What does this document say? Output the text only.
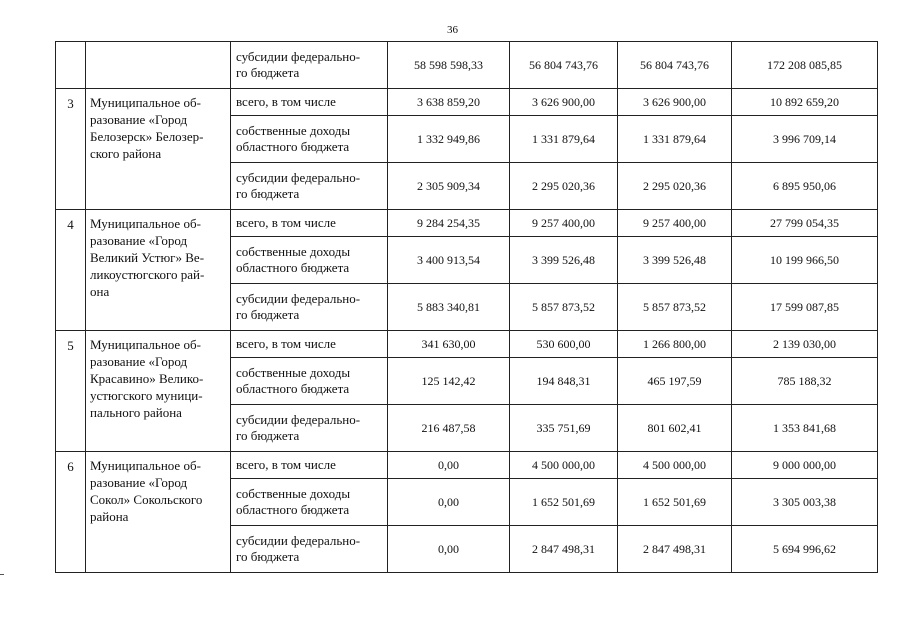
36

		субсидии федерально-
го бюджета	58 598 598,33	56 804 743,76	56 804 743,76	172 208 085,85
3	Муниципальное об-
разование «Город
Белозерск» Белозер-
ского района	всего, в том числе	3 638 859,20	3 626 900,00	3 626 900,00	10 892 659,20

		собственные доходы
областного бюджета	1 332 949,86	1 331 879,64	1 331 879,64	3 996 709,14

		субсидии федерально-
го бюджета	2 305 909,34	2 295 020,36	2 295 020,36	6 895 950,06
4	Муниципальное об-
разование «Город
Великий Устюг» Ве-
ликоустюгского рай-
она	всего, в том числе	9 284 254,35	9 257 400,00	9 257 400,00	27 799 054,35

		собственные доходы
областного бюджета	3 400 913,54	3 399 526,48	3 399 526,48	10 199 966,50

		субсидии федерально-
го бюджета	5 883 340,81	5 857 873,52	5 857 873,52	17 599 087,85
5	Муниципальное об-
разование «Город
Красавино» Велико-
устюгского муници-
пального района	всего, в том числе	341 630,00	530 600,00	1 266 800,00	2 139 030,00

		собственные доходы
областного бюджета	125 142,42	194 848,31	465 197,59	785 188,32

		субсидии федерально-
го бюджета	216 487,58	335 751,69	801 602,41	1 353 841,68
6	Муниципальное об-
разование «Город
Сокол» Сокольского
района	всего, в том числе	0,00	4 500 000,00	4 500 000,00	9 000 000,00

		собственные доходы
областного бюджета	0,00	1 652 501,69	1 652 501,69	3 305 003,38

		субсидии федерально-
го бюджета	0,00	2 847 498,31	2 847 498,31	5 694 996,62
